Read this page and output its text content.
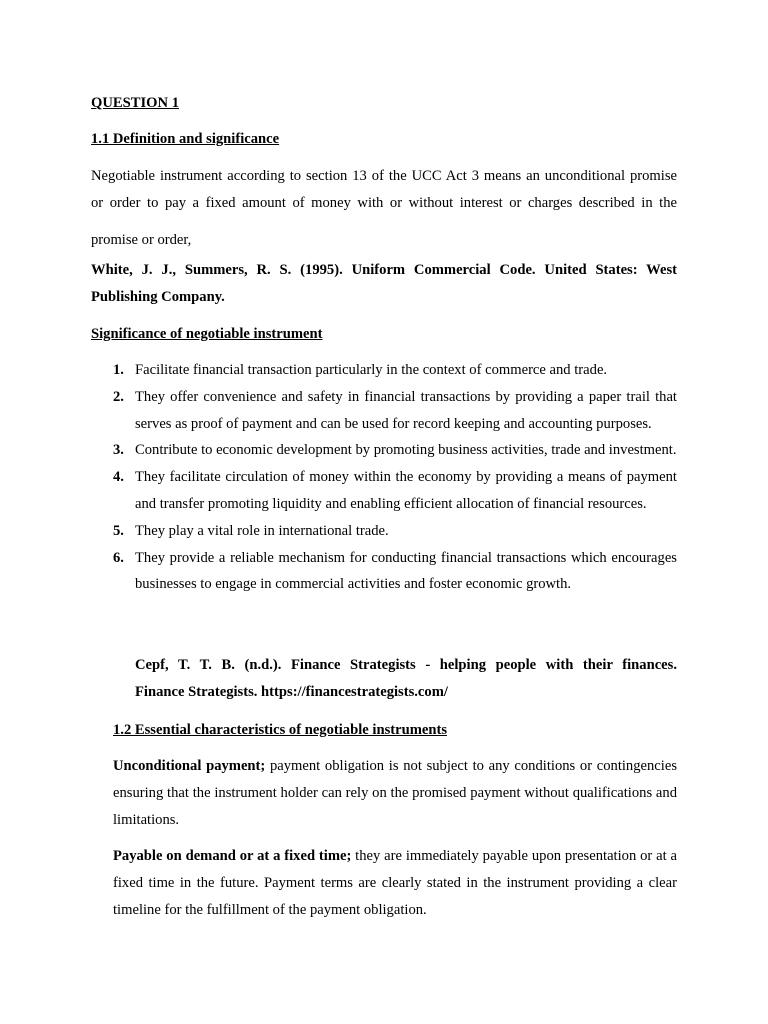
QUESTION 1
1.1 Definition and significance
Negotiable instrument according to section 13 of the UCC Act 3 means an unconditional promise
or order to pay a fixed amount of money with or without interest or charges described in the
promise or order,
White, J. J., Summers, R. S. (1995). Uniform Commercial Code. United States: West
Publishing Company.
Significance of negotiable instrument
1. Facilitate financial transaction particularly in the context of commerce and trade.
2. They offer convenience and safety in financial transactions by providing a paper trail that serves as proof of payment and can be used for record keeping and accounting purposes.
3. Contribute to economic development by promoting business activities, trade and investment.
4. They facilitate circulation of money within the economy by providing a means of payment and transfer promoting liquidity and enabling efficient allocation of financial resources.
5. They play a vital role in international trade.
6. They provide a reliable mechanism for conducting financial transactions which encourages businesses to engage in commercial activities and foster economic growth.
Cepf, T. T. B. (n.d.). Finance Strategists - helping people with their finances.
Finance Strategists. https://financestrategists.com/
1.2 Essential characteristics of negotiable instruments

Unconditional payment; payment obligation is not subject to any conditions or contingencies ensuring that the instrument holder can rely on the promised payment without qualifications and limitations.

Payable on demand or at a fixed time; they are immediately payable upon presentation or at a fixed time in the future. Payment terms are clearly stated in the instrument providing a clear timeline for the fulfillment of the payment obligation.
